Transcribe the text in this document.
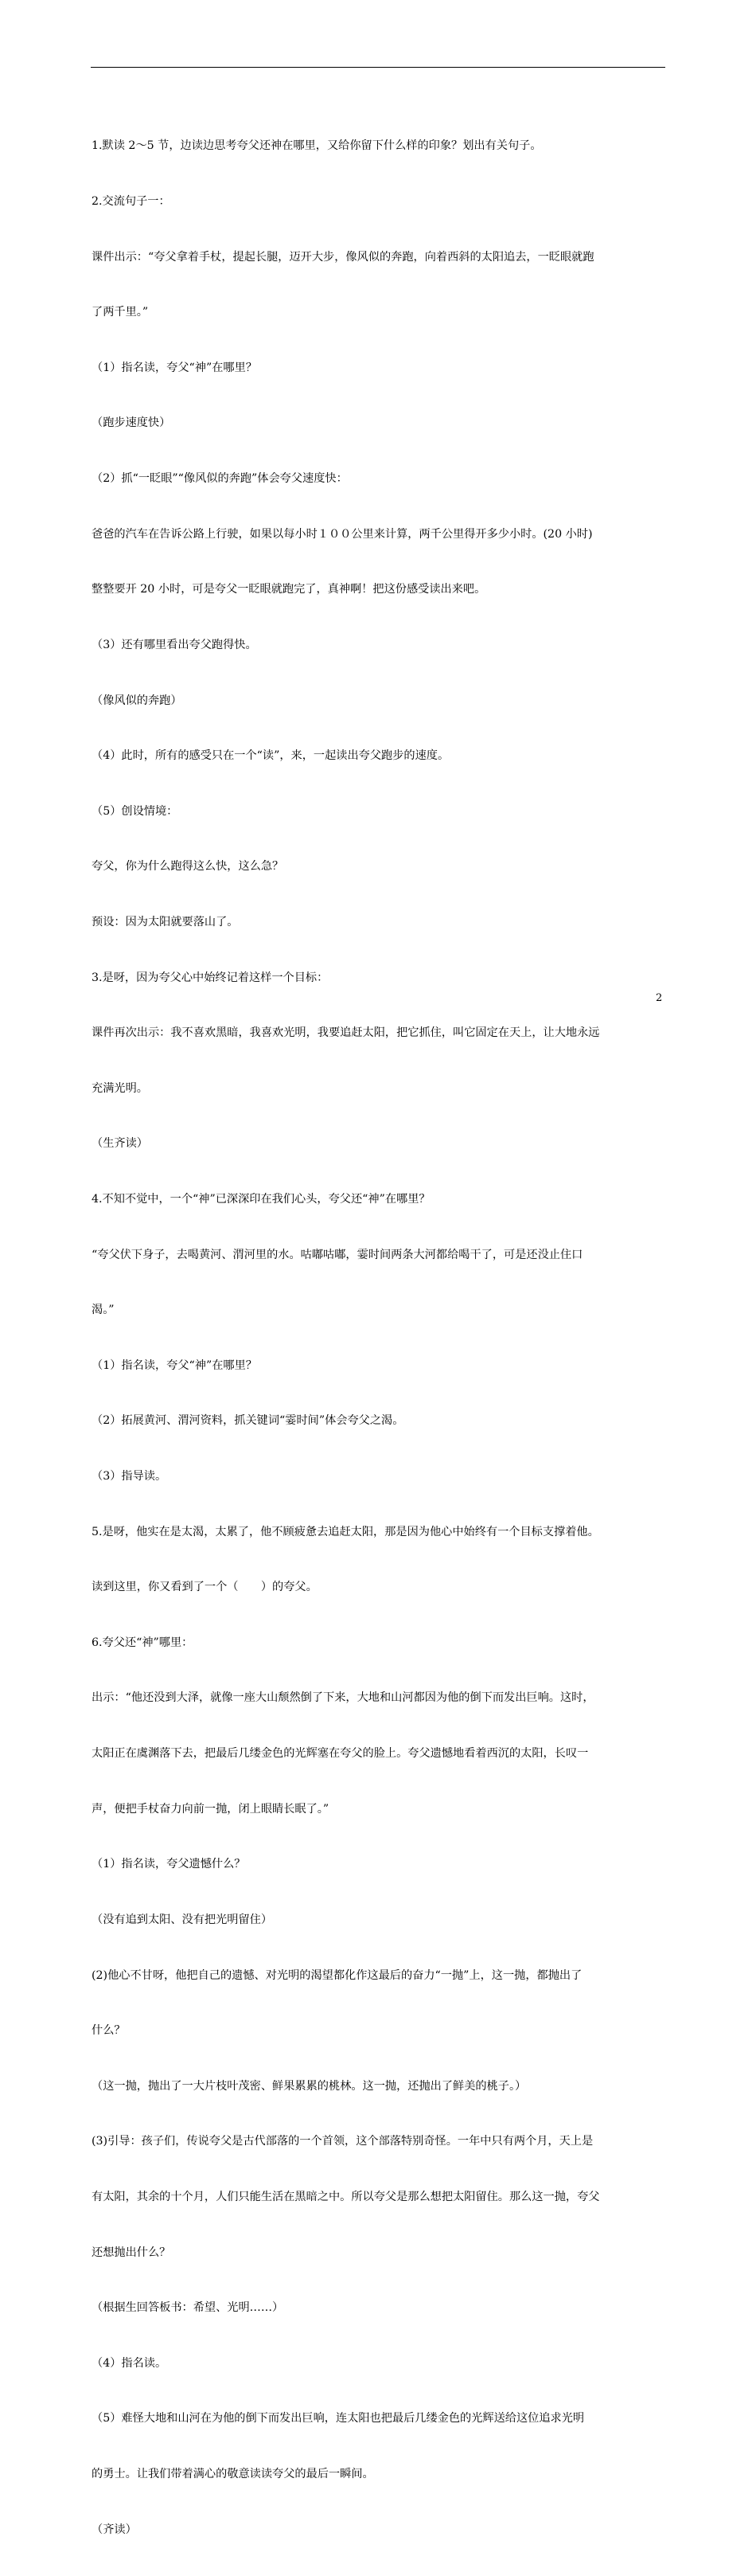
1.默读 2～5 节，边读边思考夸父还神在哪里，又给你留下什么样的印象？划出有关句子。

2.交流句子一：

课件出示：“夸父拿着手杖，提起长腿，迈开大步，像风似的奔跑，向着西斜的太阳追去，一眨眼就跑

了两千里。”

（1）指名读，夸父“神”在哪里？

（跑步速度快）

（2）抓“一眨眼”“像风似的奔跑”体会夸父速度快：

爸爸的汽车在告诉公路上行驶，如果以每小时１００公里来计算，两千公里得开多少小时。(20 小时)

整整要开 20 小时，可是夸父一眨眼就跑完了，真神啊！把这份感受读出来吧。

（3）还有哪里看出夸父跑得快。

（像风似的奔跑）

（4）此时，所有的感受只在一个“读”，来，一起读出夸父跑步的速度。

（5）创设情境：

夸父，你为什么跑得这么快，这么急？

预设：因为太阳就要落山了。

3.是呀，因为夸父心中始终记着这样一个目标：

课件再次出示：我不喜欢黑暗，我喜欢光明，我要追赶太阳，把它抓住，叫它固定在天上，让大地永远

充满光明。

（生齐读）

4.不知不觉中，一个“神”已深深印在我们心头，夸父还“神”在哪里？

“夸父伏下身子，去喝黄河、渭河里的水。咕嘟咕嘟，霎时间两条大河都给喝干了，可是还没止住口

渴。”

（1）指名读，夸父“神”在哪里？

（2）拓展黄河、渭河资料，抓关键词“霎时间”体会夸父之渴。

（3）指导读。

5.是呀，他实在是太渴，太累了，他不顾疲惫去追赶太阳，那是因为他心中始终有一个目标支撑着他。

读到这里，你又看到了一个（　　）的夸父。

6.夸父还“神”哪里：

出示：“他还没到大泽，就像一座大山颓然倒了下来，大地和山河都因为他的倒下而发出巨响。这时，

太阳正在虞渊落下去，把最后几缕金色的光辉塞在夸父的脸上。夸父遗憾地看着西沉的太阳，长叹一

声，便把手杖奋力向前一抛，闭上眼睛长眠了。”

（1）指名读，夸父遗憾什么？

（没有追到太阳、没有把光明留住）

(2)他心不甘呀，他把自己的遗憾、对光明的渴望都化作这最后的奋力“一抛”上，这一抛，都抛出了

什么？

（这一抛，抛出了一大片枝叶茂密、鲜果累累的桃林。这一抛，还抛出了鲜美的桃子。）

(3)引导：孩子们，传说夸父是古代部落的一个首领，这个部落特别奇怪。一年中只有两个月，天上是

有太阳，其余的十个月，人们只能生活在黑暗之中。所以夸父是那么想把太阳留住。那么这一抛，夸父

还想抛出什么？

（根据生回答板书：希望、光明……）

（4）指名读。

（5）难怪大地和山河在为他的倒下而发出巨响，连太阳也把最后几缕金色的光辉送给这位追求光明

的勇士。让我们带着满心的敬意读读夸父的最后一瞬间。

（齐读）

2
